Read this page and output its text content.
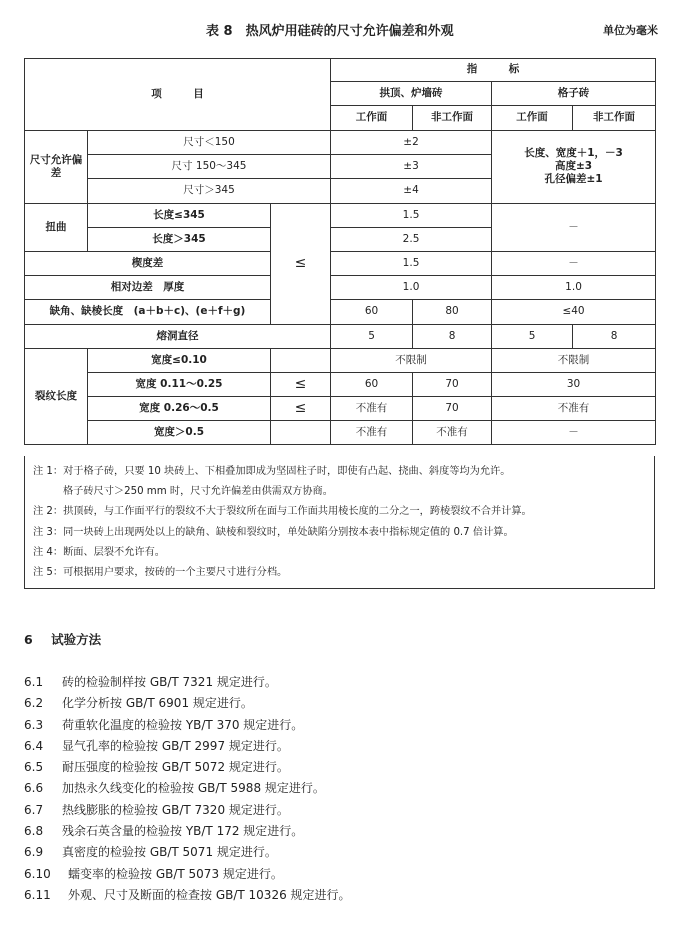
表 8　热风炉用硅砖的尺寸允许偏差和外观	单位为毫米
项　　　目			指　　　标			
			拱顶、炉墙砖		格子砖	
			工作面	非工作面	工作面	非工作面
尺寸允许偏差	尺寸＜150		±2		长度、宽度＋1，－3
高度±3
孔径偏差±1	

	尺寸 150～345		±3			
	尺寸＞345		±4			
扭曲	长度≤345	≤	1.5		－	
	长度＞345		2.5			
楔度差			1.5		－	
相对边差　厚度			1.0		1.0	
缺角、缺棱长度　(a＋b＋c)、(e＋f＋g)			60	80	≤40	
熔洞直径			5	8	5	8
裂纹长度	宽度≤0.10		不限制		不限制	
	宽度 0.11～0.25	≤	60	70	30	
	宽度 0.26～0.5	≤	不准有	70	不准有	
	宽度＞0.5		不准有	不准有	－	
注 1：对于格子砖，只要 10 块砖上、下相叠加即成为坚固柱子时，即使有凸起、挠曲、斜度等均为允许。
格子砖尺寸＞250 mm 时，尺寸允许偏差由供需双方协商。
注 2：拱顶砖，与工作面平行的裂纹不大于裂纹所在面与工作面共用棱长度的二分之一，跨棱裂纹不合并计算。
注 3：同一块砖上出现两处以上的缺角、缺棱和裂纹时，单处缺陷分别按本表中指标规定值的 0.7 倍计算。
注 4：断面、层裂不允许有。
注 5：可根据用户要求，按砖的一个主要尺寸进行分档。
6 试验方法
6.1 砖的检验制样按 GB/T 7321 规定进行。
6.2 化学分析按 GB/T 6901 规定进行。
6.3 荷重软化温度的检验按 YB/T 370 规定进行。
6.4 显气孔率的检验按 GB/T 2997 规定进行。
6.5 耐压强度的检验按 GB/T 5072 规定进行。
6.6 加热永久线变化的检验按 GB/T 5988 规定进行。
6.7 热线膨胀的检验按 GB/T 7320 规定进行。
6.8 残余石英含量的检验按 YB/T 172 规定进行。
6.9 真密度的检验按 GB/T 5071 规定进行。
6.10 蠕变率的检验按 GB/T 5073 规定进行。
6.11 外观、尺寸及断面的检查按 GB/T 10326 规定进行。
